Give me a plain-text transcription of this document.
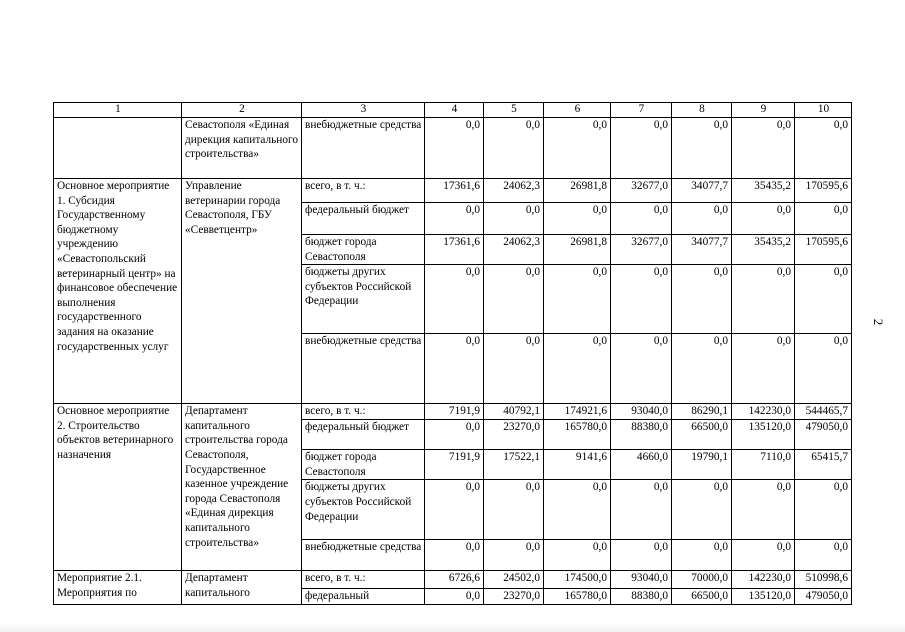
1	2	3	4	5	6	7	8	9	10
	Севастополя «Единая дирекция капитального строительства»	внебюджетные средства	0,0	0,0	0,0	0,0	0,0	0,0	0,0
Основное мероприятие 1. Субсидия Государственному бюджетному учреждению «Севастопольский ветеринарный центр» на финансовое обеспечение выполнения государственного задания на оказание государственных услуг	Управление ветеринарии города Севастополя, ГБУ «Севветцентр»	всего, в т. ч.:	17361,6	24062,3	26981,8	32677,0	34077,7	35435,2	170595,6
		федеральный бюджет	0,0	0,0	0,0	0,0	0,0	0,0	0,0
		бюджет города Севастополя	17361,6	24062,3	26981,8	32677,0	34077,7	35435,2	170595,6
		бюджеты других субъектов Российской Федерации	0,0	0,0	0,0	0,0	0,0	0,0	0,0
		внебюджетные средства	0,0	0,0	0,0	0,0	0,0	0,0	0,0
Основное мероприятие 2. Строительство объектов ветеринарного назначения	Департамент капитального строительства города Севастополя, Государственное казенное учреждение города Севастополя «Единая дирекция капитального строительства»	всего, в т. ч.:	7191,9	40792,1	174921,6	93040,0	86290,1	142230,0	544465,7
		федеральный бюджет	0,0	23270,0	165780,0	88380,0	66500,0	135120,0	479050,0
		бюджет города Севастополя	7191,9	17522,1	9141,6	4660,0	19790,1	7110,0	65415,7
		бюджеты других субъектов Российской Федерации	0,0	0,0	0,0	0,0	0,0	0,0	0,0
		внебюджетные средства	0,0	0,0	0,0	0,0	0,0	0,0	0,0
Мероприятие 2.1. Мероприятия по	Департамент капитального	всего, в т. ч.:	6726,6	24502,0	174500,0	93040,0	70000,0	142230,0	510998,6
		федеральный	0,0	23270,0	165780,0	88380,0	66500,0	135120,0	479050,0
2
